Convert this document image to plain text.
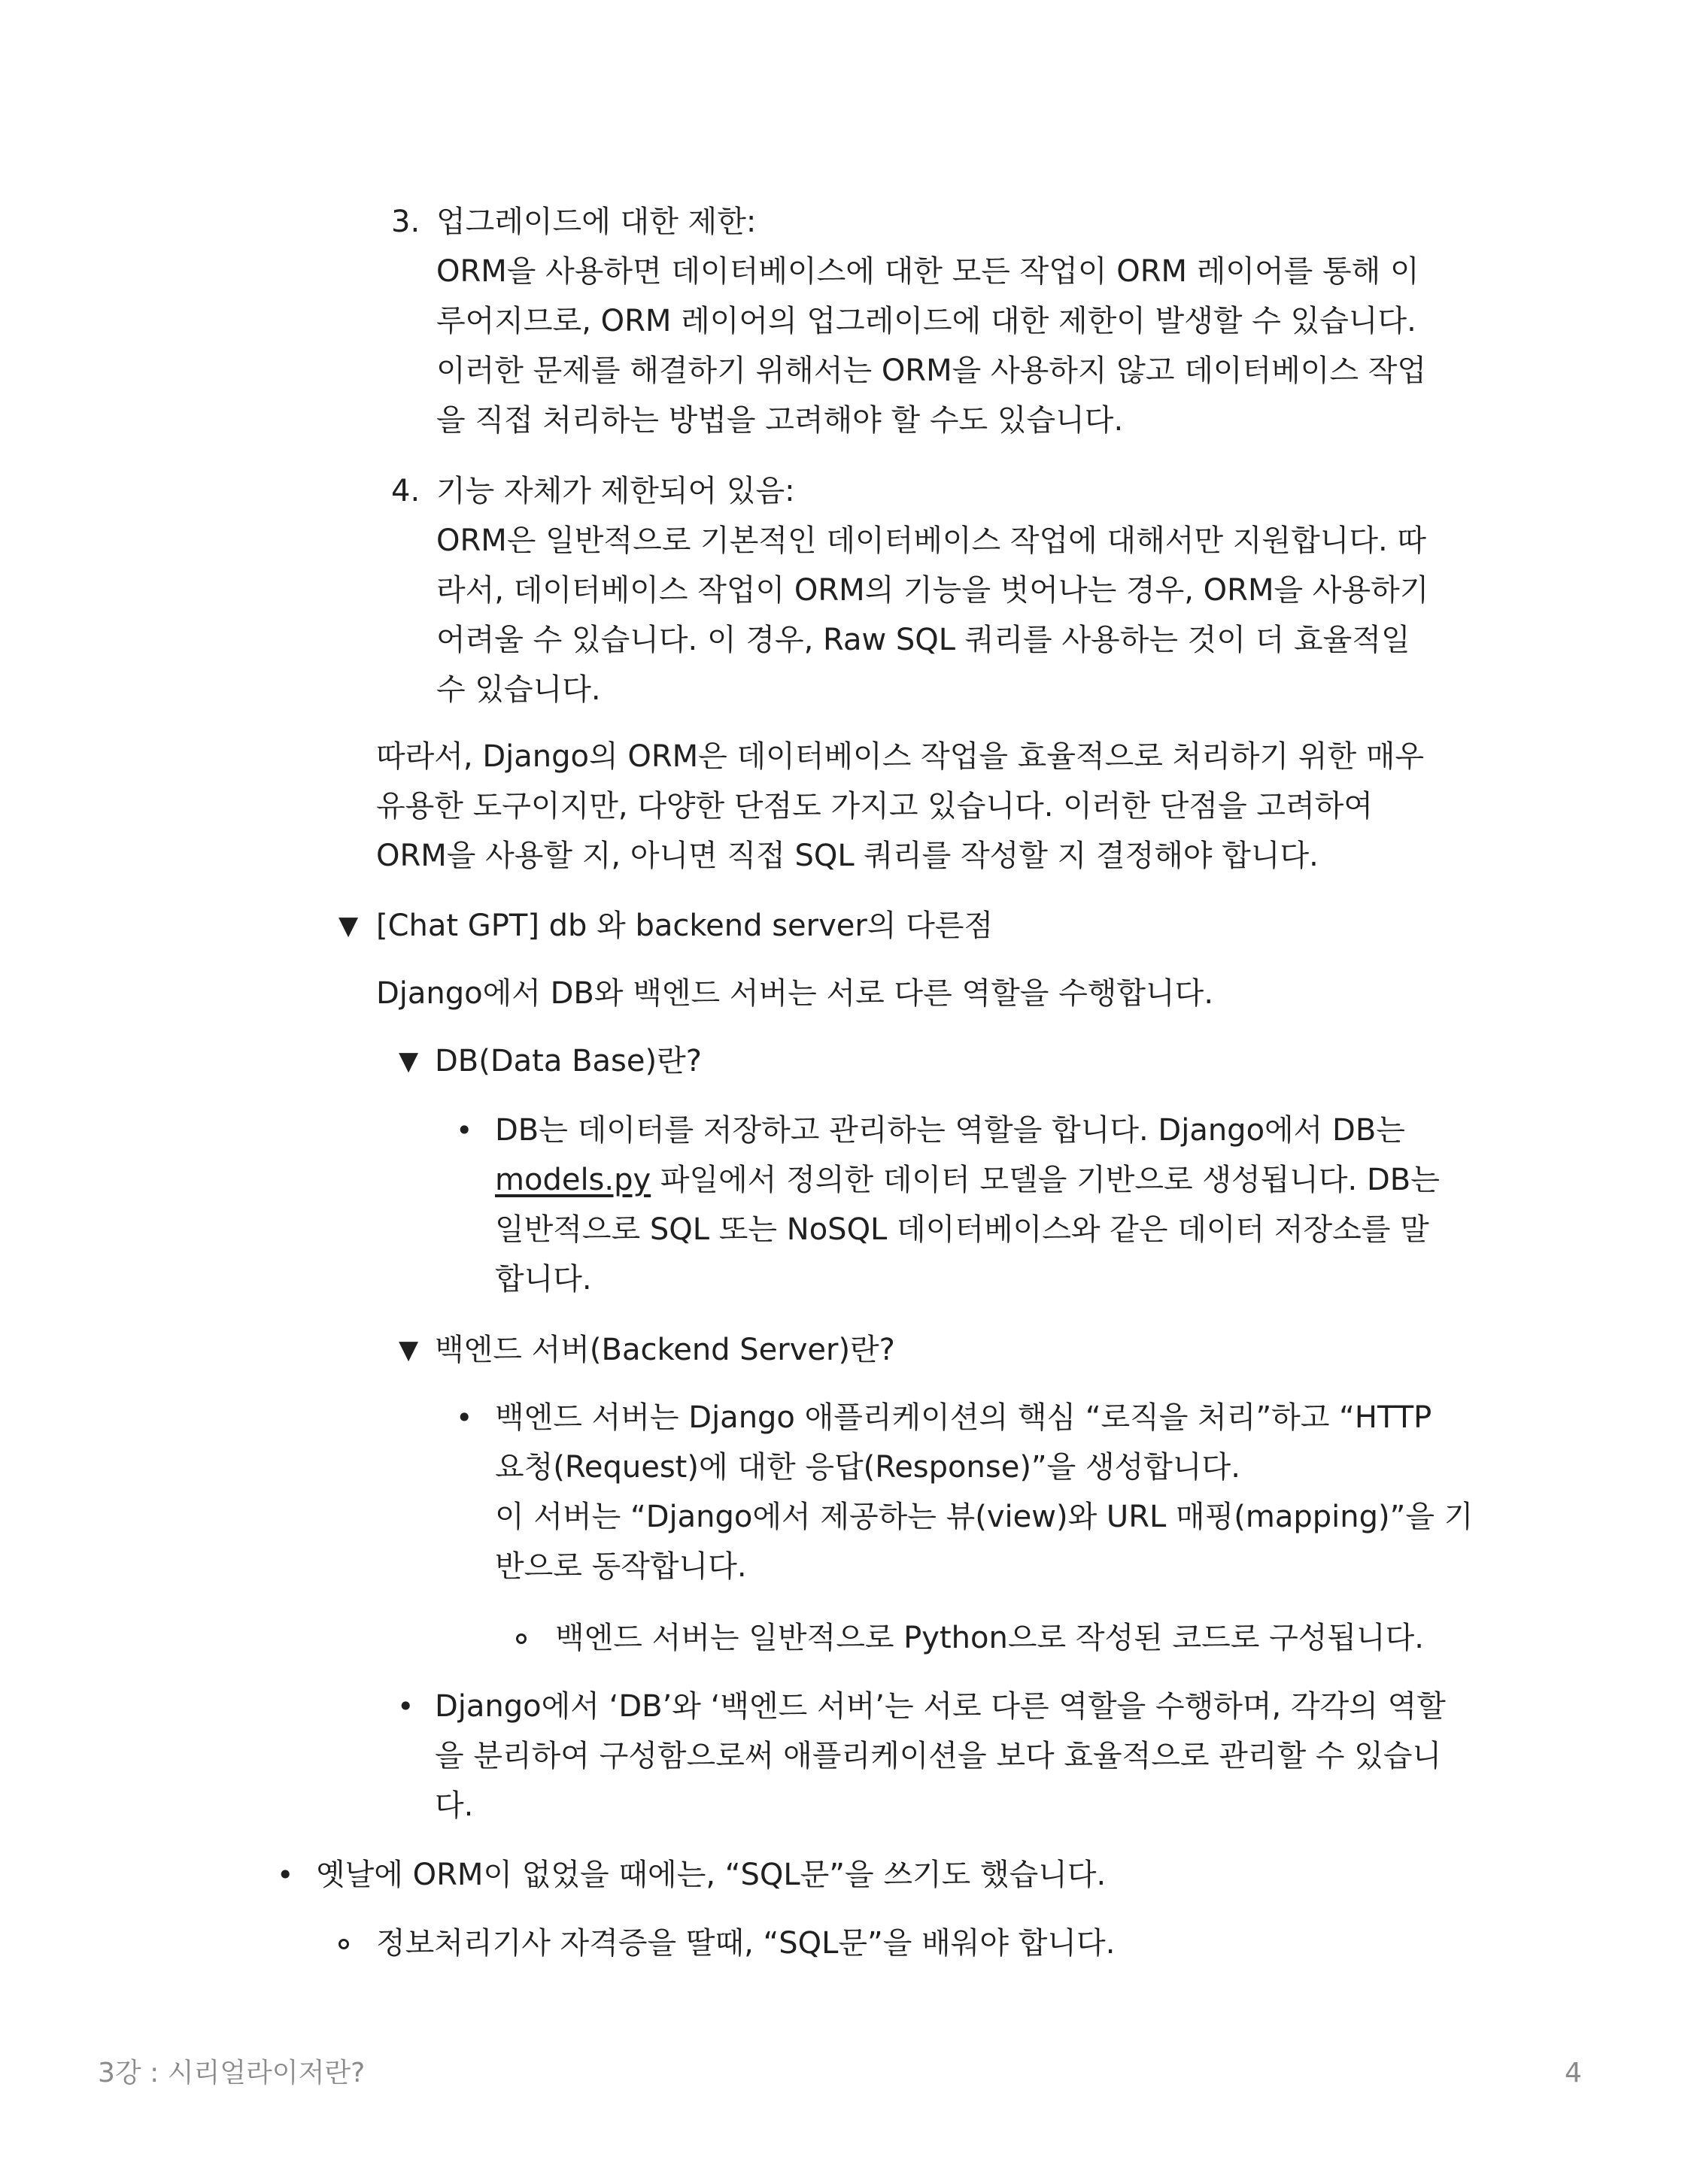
3. 업그레이드에 대한 제한:
ORM을 사용하면 데이터베이스에 대한 모든 작업이 ORM 레이어를 통해 이
루어지므로, ORM 레이어의 업그레이드에 대한 제한이 발생할 수 있습니다.
이러한 문제를 해결하기 위해서는 ORM을 사용하지 않고 데이터베이스 작업
을 직접 처리하는 방법을 고려해야 할 수도 있습니다.
4. 기능 자체가 제한되어 있음:
ORM은 일반적으로 기본적인 데이터베이스 작업에 대해서만 지원합니다. 따
라서, 데이터베이스 작업이 ORM의 기능을 벗어나는 경우, ORM을 사용하기
어려울 수 있습니다. 이 경우, Raw SQL 쿼리를 사용하는 것이 더 효율적일
수 있습니다.
따라서, Django의 ORM은 데이터베이스 작업을 효율적으로 처리하기 위한 매우
유용한 도구이지만, 다양한 단점도 가지고 있습니다. 이러한 단점을 고려하여
ORM을 사용할 지, 아니면 직접 SQL 쿼리를 작성할 지 결정해야 합니다.
▼ [Chat GPT] db 와 backend server의 다른점
Django에서 DB와 백엔드 서버는 서로 다른 역할을 수행합니다.
▼ DB(Data Base)란?
• DB는 데이터를 저장하고 관리하는 역할을 합니다. Django에서 DB는
models.py 파일에서 정의한 데이터 모델을 기반으로 생성됩니다. DB는
일반적으로 SQL 또는 NoSQL 데이터베이스와 같은 데이터 저장소를 말
합니다.
▼ 백엔드 서버(Backend Server)란?
• 백엔드 서버는 Django 애플리케이션의 핵심 “로직을 처리”하고 “HTTP
요청(Request)에 대한 응답(Response)”을 생성합니다.
이 서버는 “Django에서 제공하는 뷰(view)와 URL 매핑(mapping)”을 기
반으로 동작합니다.
백엔드 서버는 일반적으로 Python으로 작성된 코드로 구성됩니다.
• Django에서 ‘DB’와 ‘백엔드 서버’는 서로 다른 역할을 수행하며, 각각의 역할
을 분리하여 구성함으로써 애플리케이션을 보다 효율적으로 관리할 수 있습니
다.
• 옛날에 ORM이 없었을 때에는, “SQL문”을 쓰기도 했습니다.
정보처리기사 자격증을 딸때, “SQL문”을 배워야 합니다.
3강 : 시리얼라이저란?	4
